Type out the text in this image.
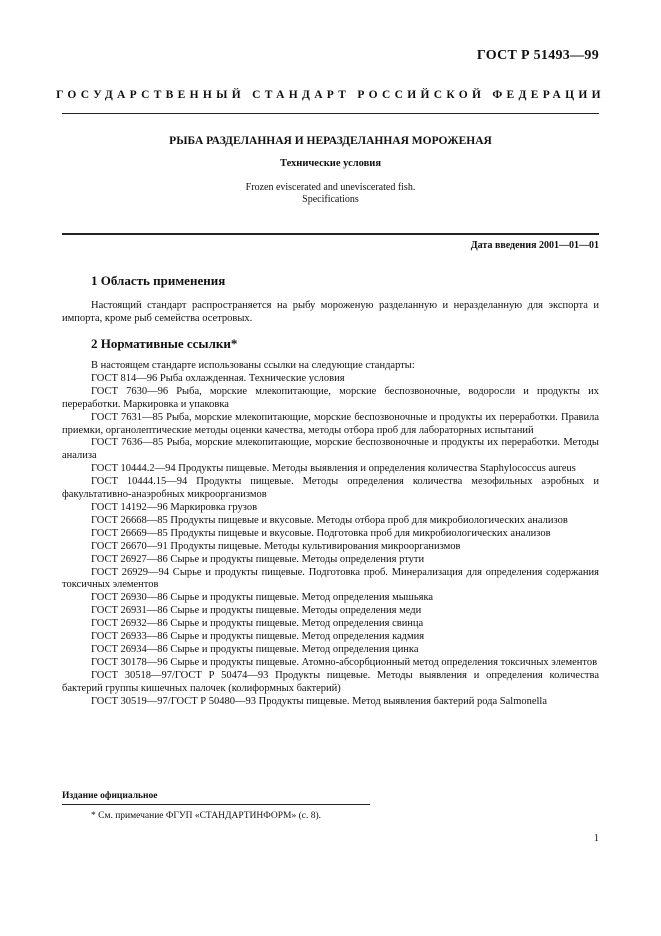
ГОСТ Р 51493—99
ГОСУДАРСТВЕННЫЙ СТАНДАРТ РОССИЙСКОЙ ФЕДЕРАЦИИ
РЫБА РАЗДЕЛАННАЯ И НЕРАЗДЕЛАННАЯ МОРОЖЕНАЯ
Технические условия
Frozen eviscerated and uneviscerated fish.
Specifications
Дата введения 2001—01—01
1 Область применения

Настоящий стандарт распространяется на рыбу мороженую разделанную и неразделанную для экспорта и импорта, кроме рыб семейства осетровых.

2 Нормативные ссылки*

В настоящем стандарте использованы ссылки на следующие стандарты:

ГОСТ 814—96 Рыба охлажденная. Технические условия

ГОСТ 7630—96 Рыба, морские млекопитающие, морские беспозвоночные, водоросли и продукты их переработки. Маркировка и упаковка

ГОСТ 7631—85 Рыба, морские млекопитающие, морские беспозвоночные и продукты их переработки. Правила приемки, органолептические методы оценки качества, методы отбора проб для лабораторных испытаний

ГОСТ 7636—85 Рыба, морские млекопитающие, морские беспозвоночные и продукты их переработки. Методы анализа

ГОСТ 10444.2—94 Продукты пищевые. Методы выявления и определения количества Staphylococcus aureus

ГОСТ 10444.15—94 Продукты пищевые. Методы определения количества мезофильных аэробных и факультативно-анаэробных микроорганизмов

ГОСТ 14192—96 Маркировка грузов

ГОСТ 26668—85 Продукты пищевые и вкусовые. Методы отбора проб для микробиологических анализов

ГОСТ 26669—85 Продукты пищевые и вкусовые. Подготовка проб для микробиологических анализов

ГОСТ 26670—91 Продукты пищевые. Методы культивирования микроорганизмов

ГОСТ 26927—86 Сырье и продукты пищевые. Методы определения ртути

ГОСТ 26929—94 Сырье и продукты пищевые. Подготовка проб. Минерализация для определения содержания токсичных элементов

ГОСТ 26930—86 Сырье и продукты пищевые. Метод определения мышьяка

ГОСТ 26931—86 Сырье и продукты пищевые. Методы определения меди

ГОСТ 26932—86 Сырье и продукты пищевые. Метод определения свинца

ГОСТ 26933—86 Сырье и продукты пищевые. Метод определения кадмия

ГОСТ 26934—86 Сырье и продукты пищевые. Метод определения цинка

ГОСТ 30178—96 Сырье и продукты пищевые. Атомно-абсорбционный метод определения токсичных элементов

ГОСТ 30518—97/ГОСТ Р 50474—93 Продукты пищевые. Методы выявления и определения количества бактерий группы кишечных палочек (колиформных бактерий)

ГОСТ 30519—97/ГОСТ Р 50480—93 Продукты пищевые. Метод выявления бактерий рода Salmonella

Издание официальное
* См. примечание ФГУП «СТАНДАРТИНФОРМ» (с. 8).
1
